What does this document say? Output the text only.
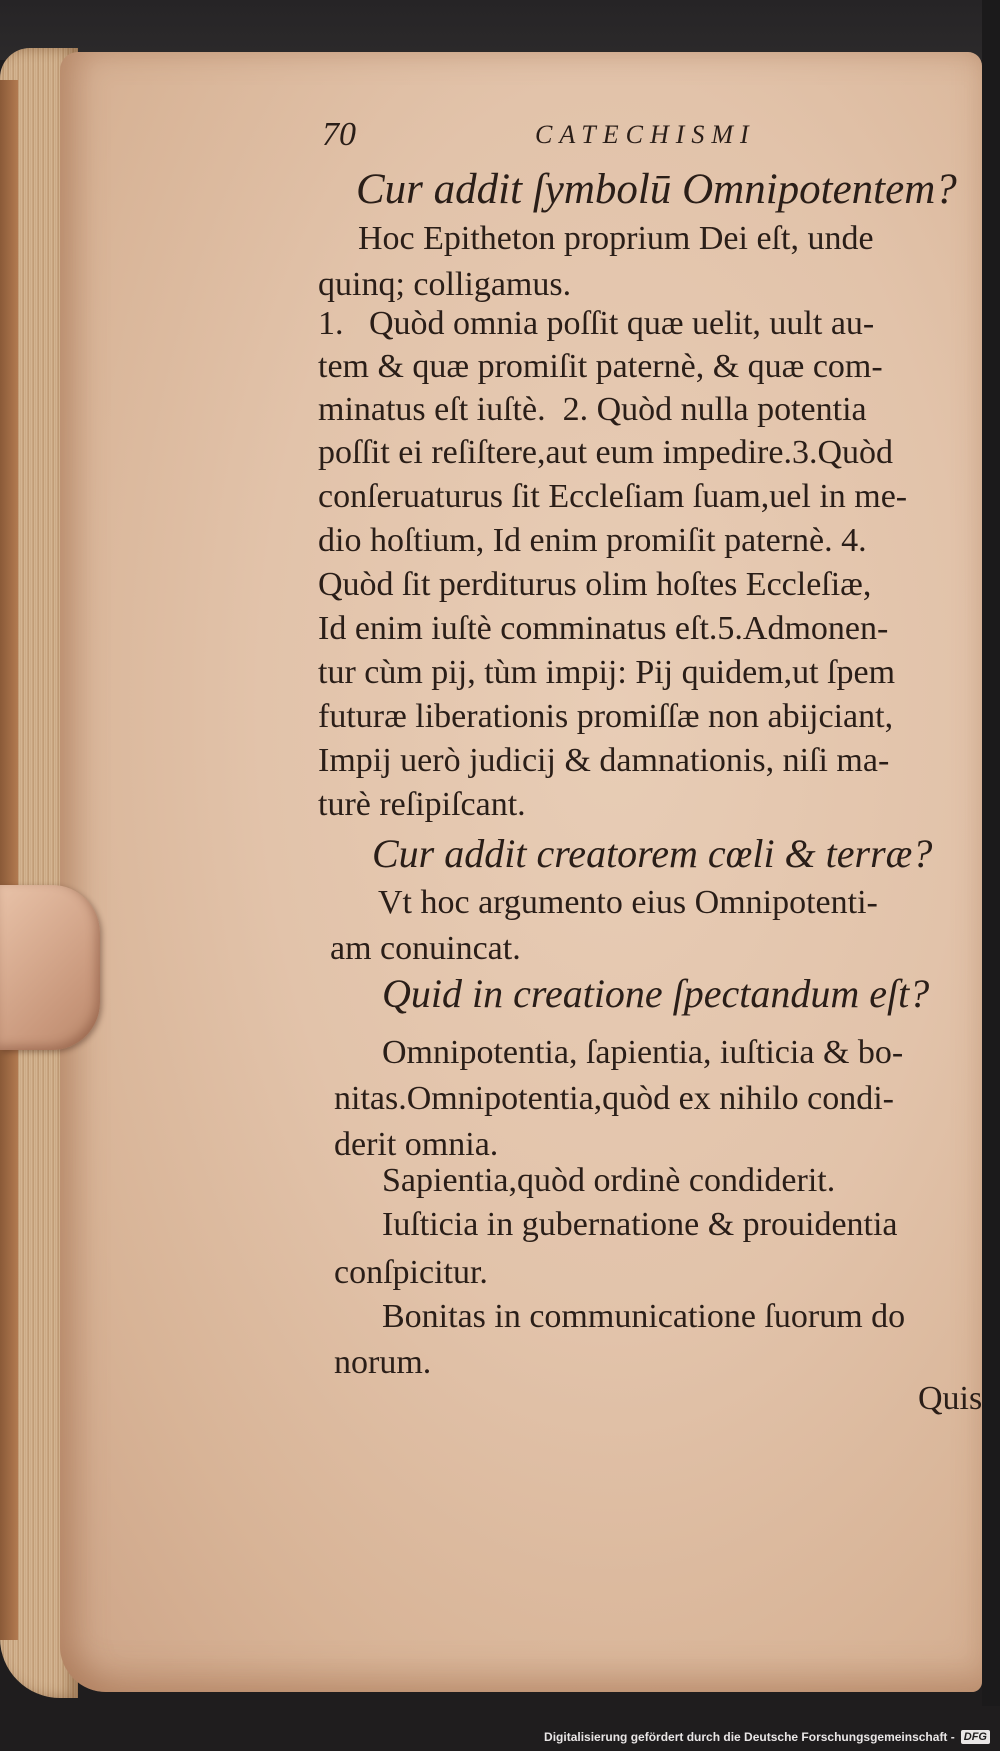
70	CATECHISMI
Cur addit ſymbolū Omnipotentem?
Hoc Epitheton proprium Dei eſt, unde
quinq; colligamus.
1.   Quòd omnia poſſit quæ uelit, uult au-
tem & quæ promiſit paternè, & quæ com-
minatus eſt iuſtè.  2. Quòd nulla potentia
poſſit ei reſiſtere,aut eum impedire.3.Quòd
conſeruaturus ſit Eccleſiam ſuam,uel in me-
dio hoſtium, Id enim promiſit paternè. 4.
Quòd ſit perditurus olim hoſtes Eccleſiæ,
Id enim iuſtè comminatus eſt.5.Admonen-
tur cùm pij, tùm impij: Pij quidem,ut ſpem
futuræ liberationis promiſſæ non abijciant,
Impij uerò judicij & damnationis, niſi ma-
turè reſipiſcant.
Cur addit creatorem cœli & terræ?
Vt hoc argumento eius Omnipotenti-
am conuincat.
Quid in creatione ſpectandum eſt?
Omnipotentia, ſapientia, iuſticia & bo-
nitas.Omnipotentia,quòd ex nihilo condi-
derit omnia.
Sapientia,quòd ordinè condiderit.
Iuſticia in gubernatione & prouidentia
conſpicitur.
Bonitas in communicatione ſuorum do
norum.
Quis
Digitalisierung gefördert durch die Deutsche Forschungsgemeinschaft - DFG
